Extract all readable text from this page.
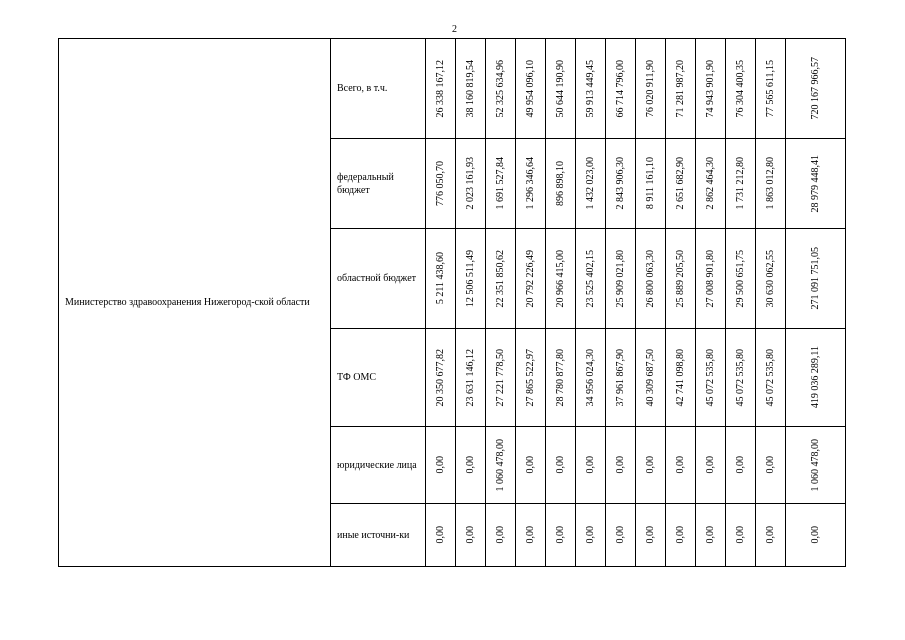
2
Министерство здравоохранения Нижегород-ской области	Всего, в т.ч.	26 338 167,12	38 160 819,54	52 325 634,96	49 954 096,10	50 644 190,90	59 913 449,45	66 714 796,00	76 020 911,90	71 281 987,20	74 943 901,90	76 304 400,35	77 565 611,15	720 167 966,57

	федеральный бюджет	776 050,70	2 023 161,93	1 691 527,84	1 296 346,64	896 898,10	1 432 023,00	2 843 906,30	8 911 161,10	2 651 682,90	2 862 464,30	1 731 212,80	1 863 012,80	28 979 448,41

	областной бюджет	5 211 438,60	12 506 511,49	22 351 850,62	20 792 226,49	20 966 415,00	23 525 402,15	25 909 021,80	26 800 063,30	25 889 205,50	27 008 901,80	29 500 651,75	30 630 062,55	271 091 751,05

	ТФ ОМС	20 350 677,82	23 631 146,12	27 221 778,50	27 865 522,97	28 780 877,80	34 956 024,30	37 961 867,90	40 309 687,50	42 741 098,80	45 072 535,80	45 072 535,80	45 072 535,80	419 036 289,11

	юридические лица	0,00	0,00	1 060 478,00	0,00	0,00	0,00	0,00	0,00	0,00	0,00	0,00	0,00	1 060 478,00

	иные источни-ки	0,00	0,00	0,00	0,00	0,00	0,00	0,00	0,00	0,00	0,00	0,00	0,00	0,00
